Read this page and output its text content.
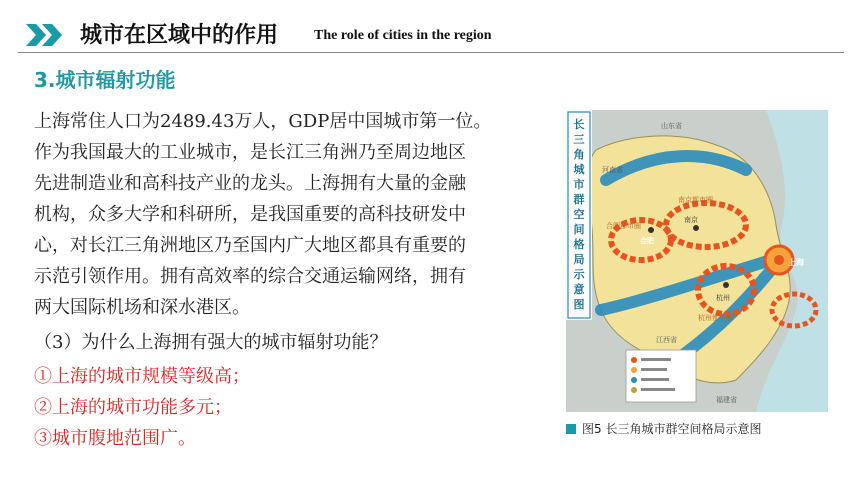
城市在区域中的作用	The role of cities in the region
3.城市辐射功能
上海常住人口为2489.43万人，GDP居中国城市第一位。
作为我国最大的工业城市，是长江三角洲乃至周边地区
先进制造业和高科技产业的龙头。上海拥有大量的金融
机构，众多大学和科研所，是我国重要的高科技研发中
心，对长江三角洲地区乃至国内广大地区都具有重要的
示范引领作用。拥有高效率的综合交通运输网络，拥有
两大国际机场和深水港区。
（3）为什么上海拥有强大的城市辐射功能？
①上海的城市规模等级高；
②上海的城市功能多元；
③城市腹地范围广。
长
三
角
城
市
群
空
间
格
局
示
意
图
山东省
河南省
上海
合肥
南京
杭州
南京都市圈
合肥都市圈
杭州都市圈
江西省
福建省
图5 长三角城市群空间格局示意图
